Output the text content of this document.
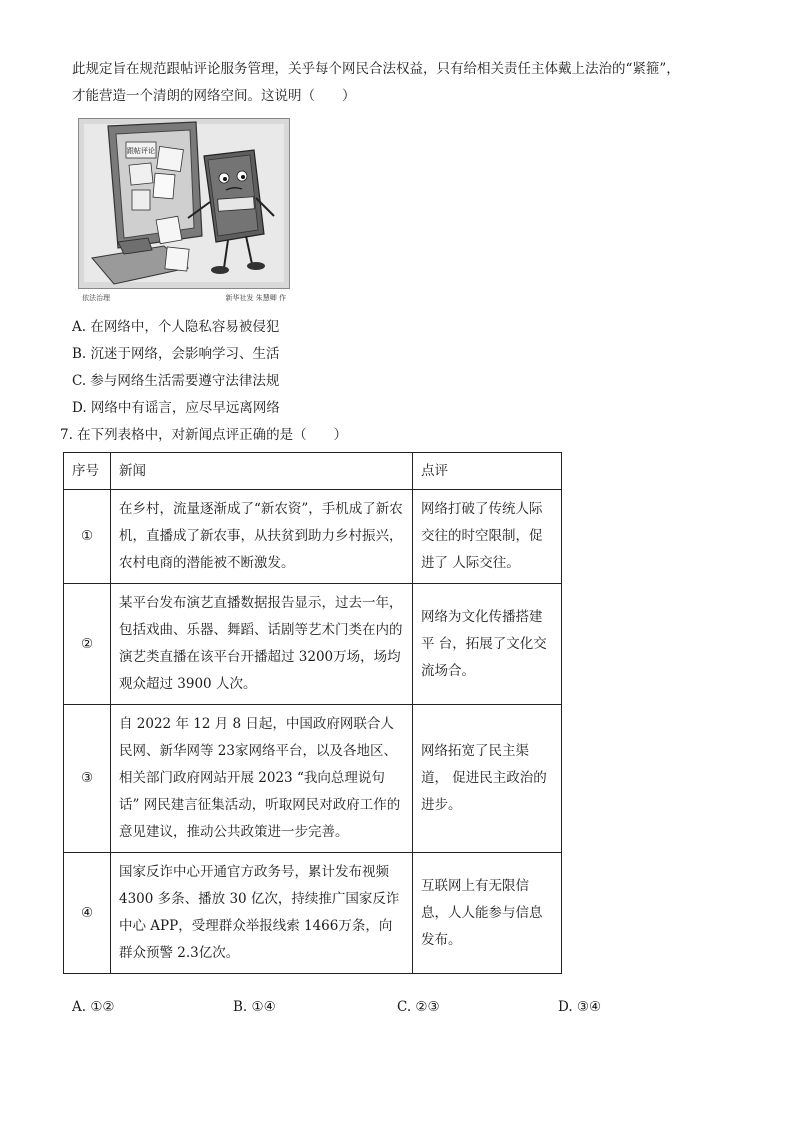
此规定旨在规范跟帖评论服务管理，关乎每个网民合法权益，只有给相关责任主体戴上法治的“紧箍”，
才能营造一个清朗的网络空间。这说明（　　）
跟帖评论
依法治理	新华社发 朱慧卿 作
A. 在网络中，个人隐私容易被侵犯
B. 沉迷于网络，会影响学习、生活
C. 参与网络生活需要遵守法律法规
D. 网络中有谣言，应尽早远离网络
7. 在下列表格中，对新闻点评正确的是（　　）
序号	新闻	点评
①	在乡村，流量逐渐成了“新农资”，手机成了新农机，直播成了新农事，从扶贫到助力乡村振兴，农村电商的潜能被不断激发。	网络打破了传统人际交往的时空限制，促进了 人际交往。
②	某平台发布演艺直播数据报告显示，过去一年，包括戏曲、乐器、舞蹈、话剧等艺术门类在内的演艺类直播在该平台开播超过 3200万场，场均观众超过 3900 人次。	网络为文化传播搭建平 台，拓展了文化交流场合。
③	自 2022 年 12 月 8 日起，中国政府网联合人民网、新华网等 23家网络平台，以及各地区、相关部门政府网站开展 2023 “我向总理说句话” 网民建言征集活动，听取网民对政府工作的意见建议，推动公共政策进一步完善。	网络拓宽了民主渠道， 促进民主政治的进步。
④	国家反诈中心开通官方政务号，累计发布视频 4300 多条、播放 30 亿次，持续推广国家反诈中心 APP，受理群众举报线索 1466万条，向群众预警 2.3亿次。	互联网上有无限信息，人人能参与信息发布。
A. ①②	B. ①④	C. ②③	D. ③④
